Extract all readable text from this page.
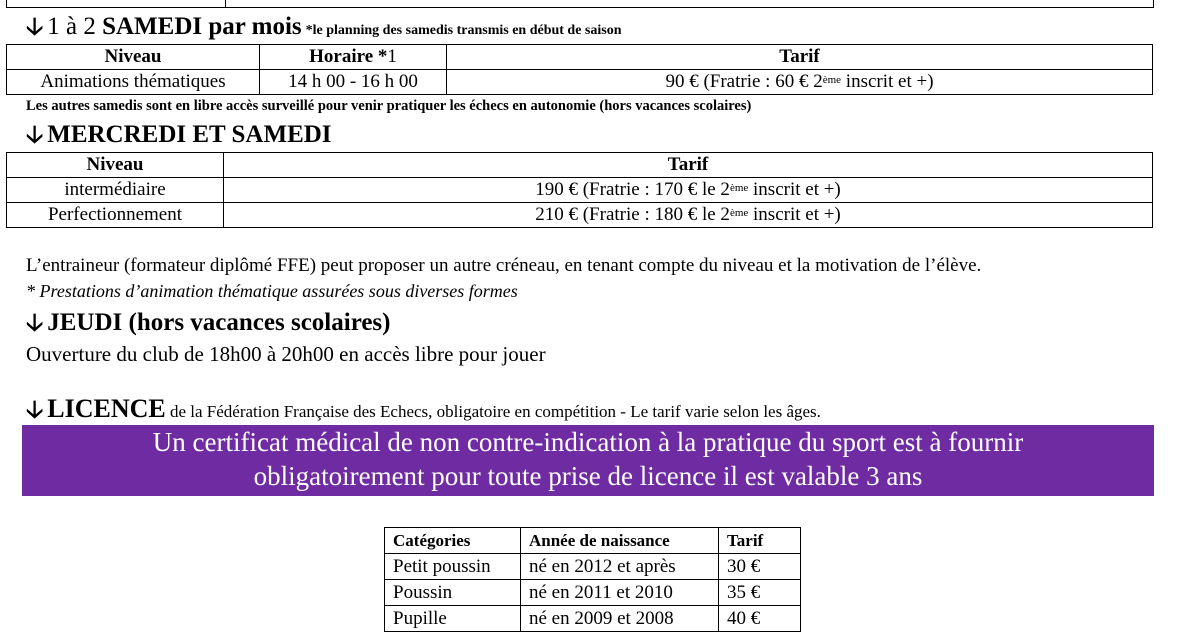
🡣 1 à 2 SAMEDI par mois *le planning des samedis transmis en début de saison
Niveau	Horaire *1	Tarif
Animations thématiques	14 h 00 - 16 h 00	90 € (Fratrie : 60 € 2ème inscrit et +)
Les autres samedis sont en libre accès surveillé pour venir pratiquer les échecs en autonomie (hors vacances scolaires)
🡣 MERCREDI ET SAMEDI
Niveau	Tarif
intermédiaire	190 € (Fratrie : 170 € le 2ème inscrit et +)
Perfectionnement	210 € (Fratrie : 180 € le 2ème inscrit et +)
L’entraineur (formateur diplômé FFE) peut proposer un autre créneau, en tenant compte du niveau et la motivation de l’élève.
* Prestations d’animation thématique assurées sous diverses formes
🡣 JEUDI (hors vacances scolaires)
Ouverture du club de 18h00 à 20h00 en accès libre pour jouer
🡣 LICENCE de la Fédération Française des Echecs, obligatoire en compétition - Le tarif varie selon les âges.
Un certificat médical de non contre-indication à la pratique du sport est à fournir
obligatoirement pour toute prise de licence il est valable 3 ans
Catégories	Année de naissance	Tarif
Petit poussin	né en 2012 et après	30 €
Poussin	né en 2011 et 2010	35 €
Pupille	né en 2009 et 2008	40 €
